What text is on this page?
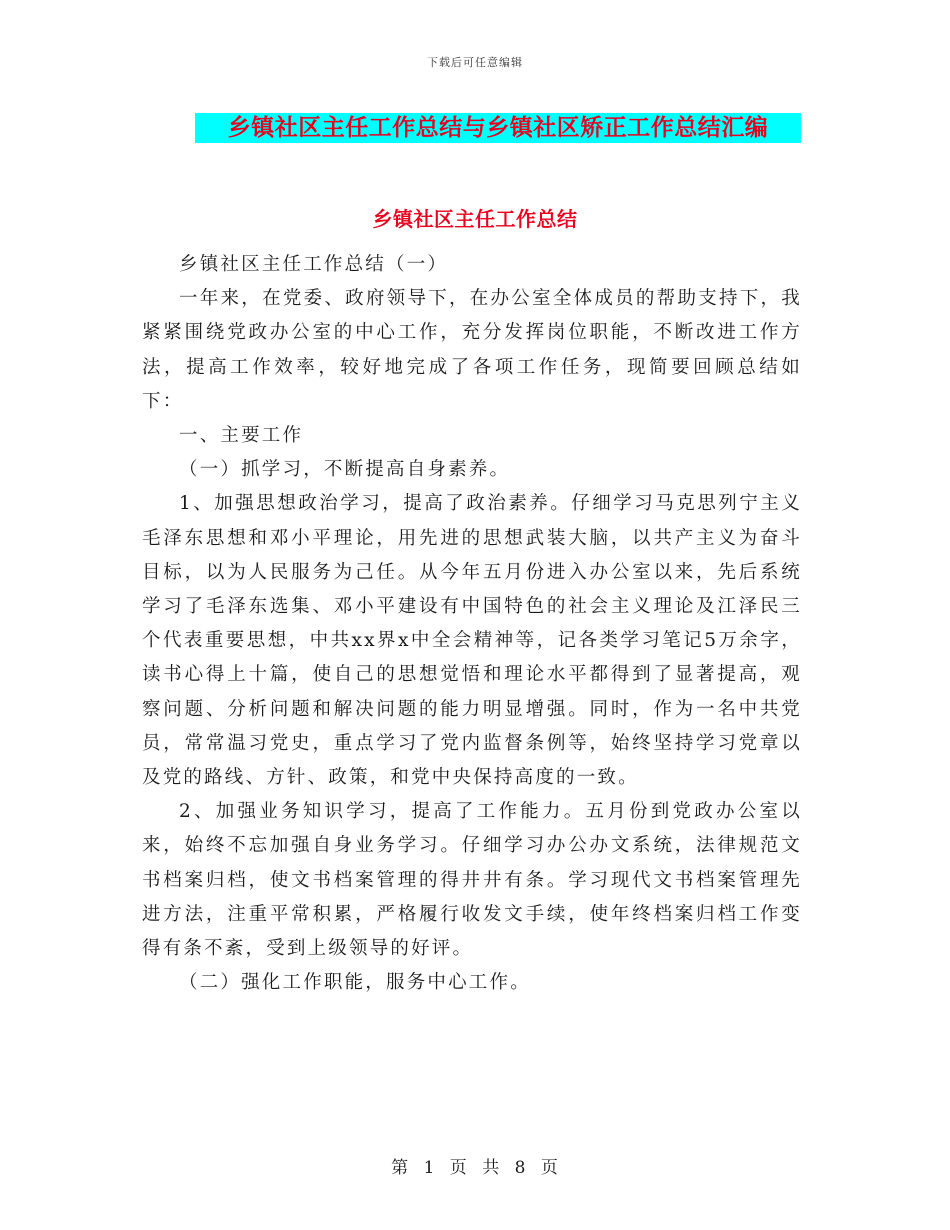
下载后可任意编辑
乡镇社区主任工作总结与乡镇社区矫正工作总结汇编
乡镇社区主任工作总结

乡镇社区主任工作总结（一）

一年来，在党委、政府领导下，在办公室全体成员的帮助支持下，我紧紧围绕党政办公室的中心工作，充分发挥岗位职能，不断改进工作方法，提高工作效率，较好地完成了各项工作任务，现简要回顾总结如下：

一、主要工作

（一）抓学习，不断提高自身素养。

1、加强思想政治学习，提高了政治素养。仔细学习马克思列宁主义毛泽东思想和邓小平理论，用先进的思想武装大脑，以共产主义为奋斗目标，以为人民服务为己任。从今年五月份进入办公室以来，先后系统学习了毛泽东选集、邓小平建设有中国特色的社会主义理论及江泽民三个代表重要思想，中共xx界x中全会精神等，记各类学习笔记5万余字，读书心得上十篇，使自己的思想觉悟和理论水平都得到了显著提高，观察问题、分析问题和解决问题的能力明显增强。同时，作为一名中共党员，常常温习党史，重点学习了党内监督条例等，始终坚持学习党章以及党的路线、方针、政策，和党中央保持高度的一致。

2、加强业务知识学习，提高了工作能力。五月份到党政办公室以来，始终不忘加强自身业务学习。仔细学习办公办文系统，法律规范文书档案归档，使文书档案管理的得井井有条。学习现代文书档案管理先进方法，注重平常积累，严格履行收发文手续，使年终档案归档工作变得有条不紊，受到上级领导的好评。

（二）强化工作职能，服务中心工作。

第 1 页 共 8 页
